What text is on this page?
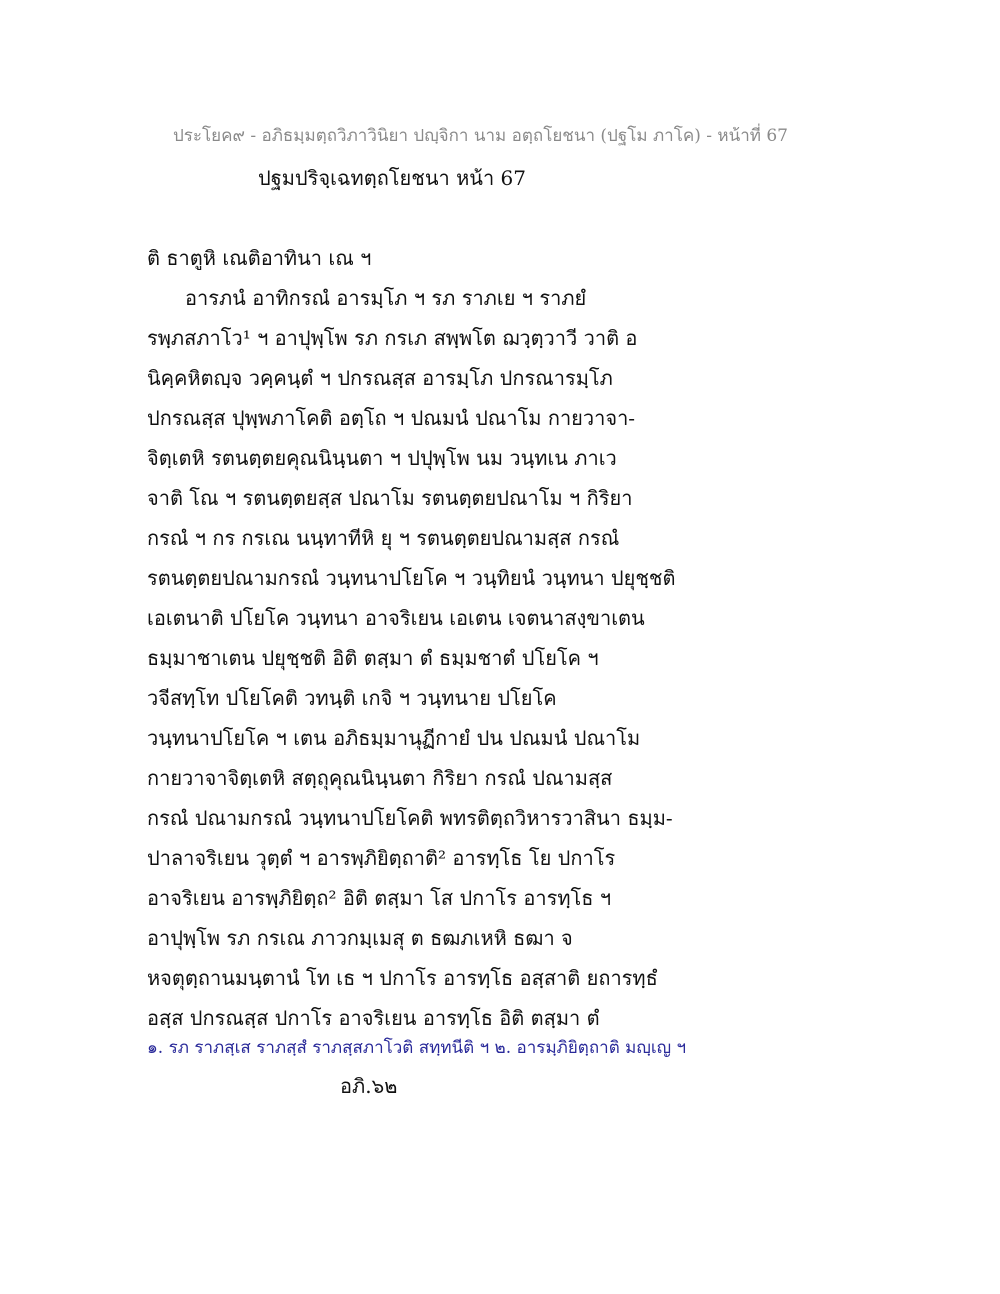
ประโยค๙ - อภิธมฺมตฺถวิภาวินิยา ปญฺจิกา นาม อตฺถโยชนา (ปฐโม ภาโค) - หน้าที่ 67
ปฐมปริจฺเฉทตฺถโยชนา หน้า 67
ติ ธาตูหิ เณติอาทินา เณ ฯ
อารภนํ อาทิกรณํ อารมฺโภ ฯ รภ ราภเย ฯ ราภยํ
รพฺภสภาโว¹ ฯ อาปุพฺโพ รภ กรเภ สพฺพโต ฌวฺตฺวาวี วาติ อ
นิคฺคหิตญฺจ วคฺคนฺตํ ฯ ปกรณสฺส อารมฺโภ ปกรณารมฺโภ
ปกรณสฺส ปุพฺพภาโคติ อตฺโถ ฯ ปณมนํ ปณาโม กายวาจา-
จิตฺเตหิ รตนตฺตยคุณนินฺนตา ฯ ปปุพฺโพ นม วนฺทเน ภาเว
จาติ โณ ฯ รตนตฺตยสฺส ปณาโม รตนตฺตยปณาโม ฯ กิริยา
กรณํ ฯ กร กรเณ นนฺทาทีหิ ยุ ฯ รตนตฺตยปณามสฺส กรณํ
รตนตฺตยปณามกรณํ วนฺทนาปโยโค ฯ วนฺทิยนํ วนฺทนา ปยุชฺชติ
เอเตนาติ ปโยโค วนฺทนา อาจริเยน เอเตน เจตนาสงฺขาเตน
ธมฺมาชาเตน ปยุชฺชติ อิติ ตสฺมา ตํ ธมฺมชาตํ ปโยโค ฯ
วจีสทฺโท ปโยโคติ วทนฺติ เกจิ ฯ วนฺทนาย ปโยโค
วนฺทนาปโยโค ฯ เตน อภิธมฺมานุฏีกายํ ปน ปณมนํ ปณาโม
กายวาจาจิตฺเตหิ สตฺถุคุณนินฺนตา กิริยา กรณํ ปณามสฺส
กรณํ ปณามกรณํ วนฺทนาปโยโคติ พทรติตฺถวิหารวาสินา ธมฺม-
ปาลาจริเยน วุตฺตํ ฯ อารพฺภิยิตฺถาติ² อารทฺโธ โย ปกาโร
อาจริเยน อารพฺภิยิตฺถ² อิติ ตสฺมา โส ปกาโร อารทฺโธ ฯ
อาปุพฺโพ รภ กรเณ ภาวกมฺเมสุ ต ธฒภเหหิ ธฒา จ
หจตุตฺถานมนฺตานํ โท เธ ฯ ปกาโร อารทฺโธ อสฺสาติ ยถารทฺธํ
อสฺส ปกรณสฺส ปกาโร อาจริเยน อารทฺโธ อิติ ตสฺมา ตํ
๑. รภ ราภสฺเส ราภสฺสํ ราภสฺสภาโวติ สทฺทนีติ ฯ ๒. อารมฺภิยิตฺถาติ มญฺเญ ฯ
อภิ.๖๒
